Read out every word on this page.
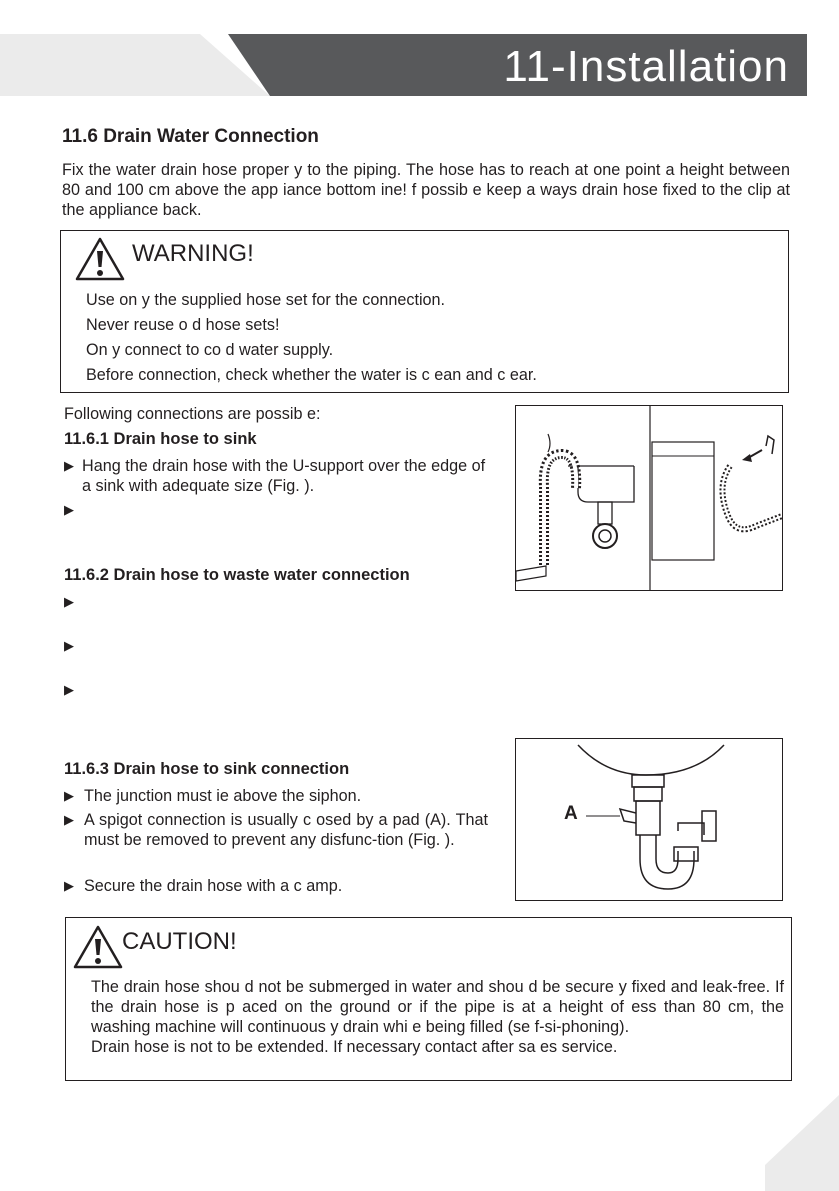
11-Installation
11.6 Drain Water Connection
Fix the water drain hose proper y to the piping. The hose has to reach at one point a height between 80 and 100 cm above the app iance bottom ine! f possib e keep a ways drain hose fixed to the clip at the appliance back.
WARNING!
Use on y the supplied hose set for the connection.
Never reuse o d hose sets!
On y connect to co d water supply.
Before connection, check whether the water is c ean and c ear.
Following connections are possib e:
11.6.1 Drain hose to sink
▶ Hang the drain hose with the U-support over the edge of a sink with adequate size (Fig. ).
▶
11.6.2 Drain hose to waste water connection
▶
▶
▶
11.6.3 Drain hose to sink connection
▶ The junction must ie above the siphon.
▶ A spigot connection is usually c osed by a pad (A). That must be removed to prevent any disfunc-tion (Fig. ).
▶ Secure the drain hose with a c amp.
A
CAUTION!
The drain hose shou d not be submerged in water and shou d be secure y fixed and leak-free. If the drain hose is p aced on the ground or if the pipe is at a height of ess than 80 cm, the washing machine will continuous y drain whi e being filled (se f-si-phoning).
Drain hose is not to be extended. If necessary contact after sa es service.
